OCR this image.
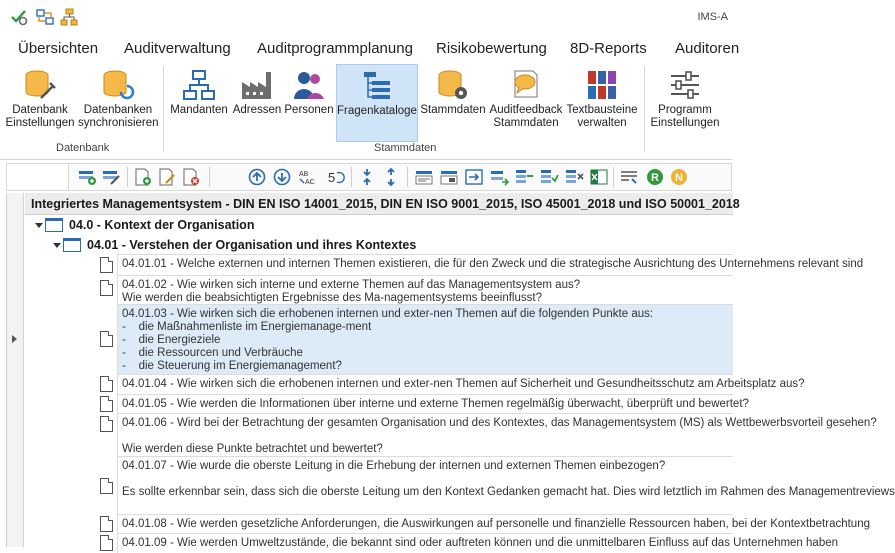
IMS-A
Übersichten Auditverwaltung Auditprogrammplanung Risikobewertung 8D-Reports Auditoren
Datenbank
Einstellungen
Datenbanken
synchronisieren
Datenbank
Mandanten Adressen Personen Fragenkataloge Stammdaten Auditfeedback
Stammdaten
Textbausteine
verwalten
Stammdaten
Programm
Einstellungen
AB
AC 5	R N
Integriertes Managementsystem - DIN EN ISO 14001_2015, DIN EN ISO 9001_2015, ISO 45001_2018 und ISO 50001_2018
04.0 - Kontext der Organisation
04.01 - Verstehen der Organisation und ihres Kontextes
04.01.01 - Welche externen und internen Themen existieren, die für den Zweck und die strategische Ausrichtung des Unternehmens relevant sind
04.01.02 - Wie wirken sich interne und externe Themen auf das Managementsystem aus?
Wie werden die beabsichtigten Ergebnisse des Ma-nagementsystems beeinflusst?
04.01.03 - Wie wirken sich die erhobenen internen und exter-nen Themen auf die folgenden Punkte aus:
-    die Maßnahmenliste im Energiemanage-ment
-    die Energieziele
-    die Ressourcen und Verbräuche
-    die Steuerung im Energiemanagement?
04.01.04 - Wie wirken sich die erhobenen internen und exter-nen Themen auf Sicherheit und Gesundheitsschutz am Arbeitsplatz aus?
04.01.05 - Wie werden die Informationen über interne und externe Themen regelmäßig überwacht, überprüft und bewertet?
04.01.06 - Wird bei der Betrachtung der gesamten Organisation und des Kontextes, das Managementsystem (MS) als Wettbewerbsvorteil gesehen?

Wie werden diese Punkte betrachtet und bewertet?
04.01.07 - Wie wurde die oberste Leitung in die Erhebung der internen und externen Themen einbezogen?

Es sollte erkennbar sein, dass sich die oberste Leitung um den Kontext Gedanken gemacht hat. Dies wird letztlich im Rahmen des Managementreviews
04.01.08 - Wie werden gesetzliche Anforderungen, die Auswirkungen auf personelle und finanzielle Ressourcen haben, bei der Kontextbetrachtung
04.01.09 - Wie werden Umweltzustände, die bekannt sind oder auftreten können und die unmittelbaren Einfluss auf das Unternehmen haben
